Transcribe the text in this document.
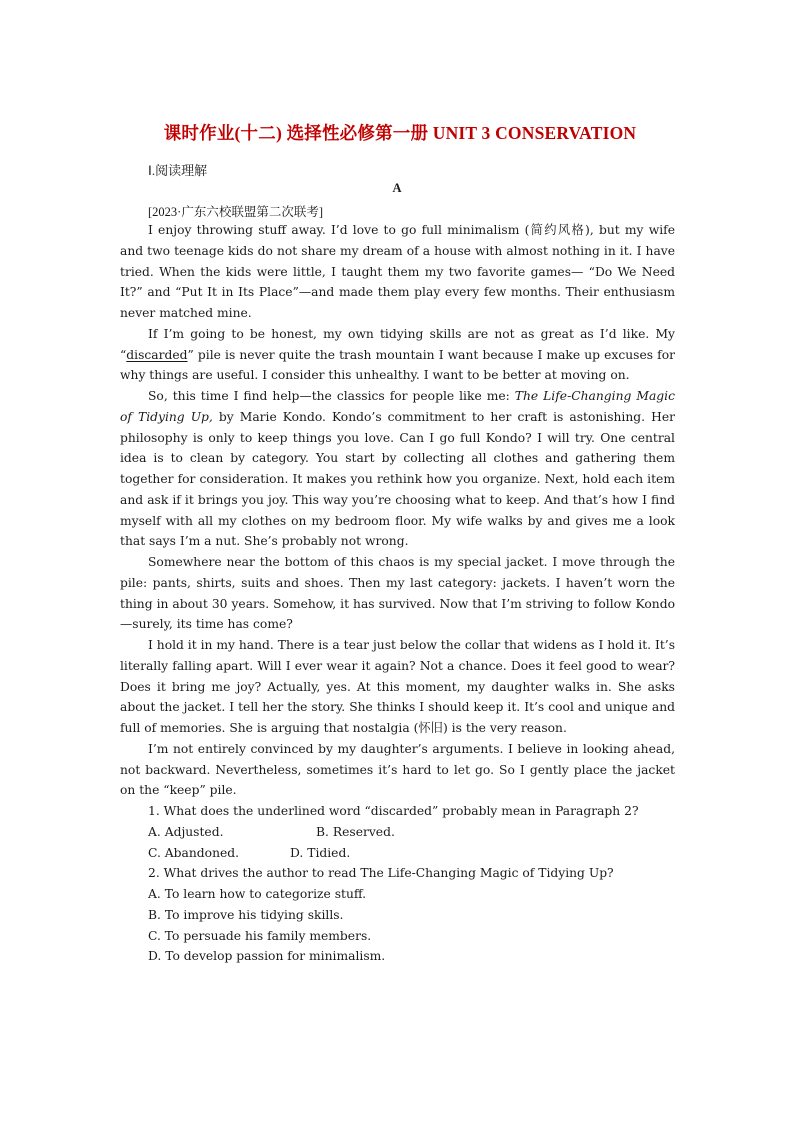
课时作业(十二) 选择性必修第一册 UNIT 3 CONSERVATION
Ⅰ.阅读理解
A
[2023·广东六校联盟第二次联考]

I enjoy throwing stuff away. I’d love to go full minimalism (简约风格), but my wife and two teenage kids do not share my dream of a house with almost nothing in it. I have tried. When the kids were little, I taught them my two favorite games— “Do We Need It?” and “Put It in Its Place”—and made them play every few months. Their enthusiasm never matched mine.

If I’m going to be honest, my own tidying skills are not as great as I’d like. My “discarded” pile is never quite the trash mountain I want because I make up excuses for why things are useful. I consider this unhealthy. I want to be better at moving on.

So, this time I find help—the classics for people like me: The Life-Changing Magic of Tidying Up, by Marie Kondo. Kondo’s commitment to her craft is astonishing. Her philosophy is only to keep things you love. Can I go full Kondo? I will try. One central idea is to clean by category. You start by collecting all clothes and gathering them together for consideration. It makes you rethink how you organize. Next, hold each item and ask if it brings you joy. This way you’re choosing what to keep. And that’s how I find myself with all my clothes on my bedroom floor. My wife walks by and gives me a look that says I’m a nut. She’s probably not wrong.

Somewhere near the bottom of this chaos is my special jacket. I move through the pile: pants, shirts, suits and shoes. Then my last category: jackets. I haven’t worn the thing in about 30 years. Somehow, it has survived. Now that I’m striving to follow Kondo—surely, its time has come?

I hold it in my hand. There is a tear just below the collar that widens as I hold it. It’s literally falling apart. Will I ever wear it again? Not a chance. Does it feel good to wear? Does it bring me joy? Actually, yes. At this moment, my daughter walks in. She asks about the jacket. I tell her the story. She thinks I should keep it. It’s cool and unique and full of memories. She is arguing that nostalgia (怀旧) is the very reason.

I’m not entirely convinced by my daughter’s arguments. I believe in looking ahead, not backward. Nevertheless, sometimes it’s hard to let go. So I gently place the jacket on the “keep” pile.

1. What does the underlined word “discarded” probably mean in Paragraph 2?
A. Adjusted.	B. Reserved.
C. Abandoned.	D. Tidied.
2. What drives the author to read The Life-Changing Magic of Tidying Up?
A. To learn how to categorize stuff.
B. To improve his tidying skills.
C. To persuade his family members.
D. To develop passion for minimalism.
